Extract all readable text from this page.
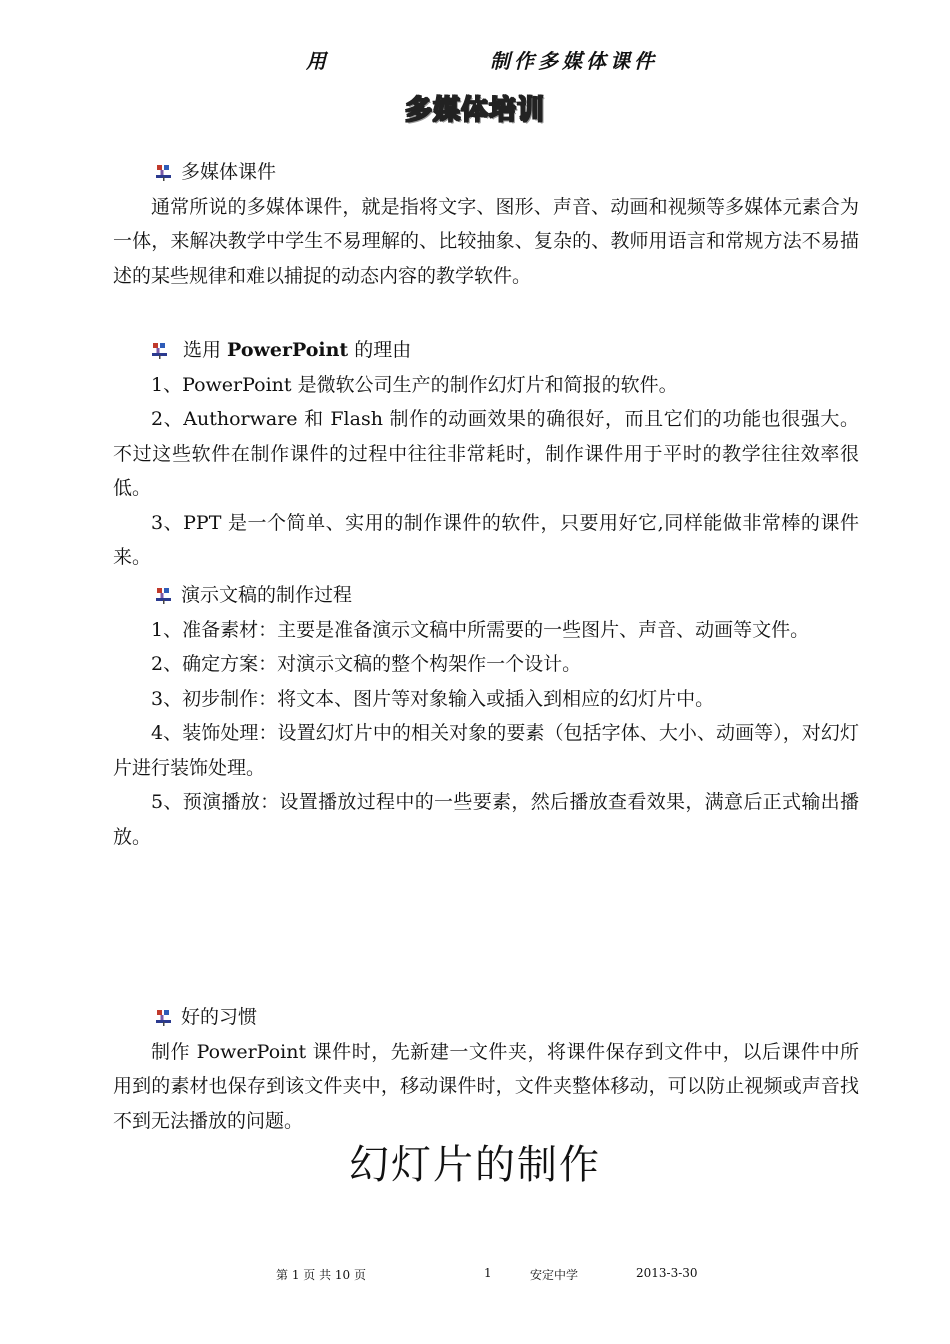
用	制作多媒体课件
多媒体培训
多媒体课件

通常所说的多媒体课件，就是指将文字、图形、声音、动画和视频等多媒体元素合为一体，来解决教学中学生不易理解的、比较抽象、复杂的、教师用语言和常规方法不易描述的某些规律和难以捕捉的动态内容的教学软件。

选用 PowerPoint 的理由

1、PowerPoint 是微软公司生产的制作幻灯片和简报的软件。

2、Authorware 和 Flash 制作的动画效果的确很好，而且它们的功能也很强大。不过这些软件在制作课件的过程中往往非常耗时，制作课件用于平时的教学往往效率很低。

3、PPT 是一个简单、实用的制作课件的软件，只要用好它,同样能做非常棒的课件来。

演示文稿的制作过程

1、准备素材：主要是准备演示文稿中所需要的一些图片、声音、动画等文件。

2、确定方案：对演示文稿的整个构架作一个设计。

3、初步制作：将文本、图片等对象输入或插入到相应的幻灯片中。

4、装饰处理：设置幻灯片中的相关对象的要素（包括字体、大小、动画等），对幻灯片进行装饰处理。

5、预演播放：设置播放过程中的一些要素，然后播放查看效果，满意后正式输出播放。

好的习惯

制作 PowerPoint 课件时，先新建一文件夹，将课件保存到文件中，以后课件中所用到的素材也保存到该文件夹中，移动课件时，文件夹整体移动，可以防止视频或声音找不到无法播放的问题。

幻灯片的制作
第 1 页 共 10 页	1	安定中学	2013-3-30
